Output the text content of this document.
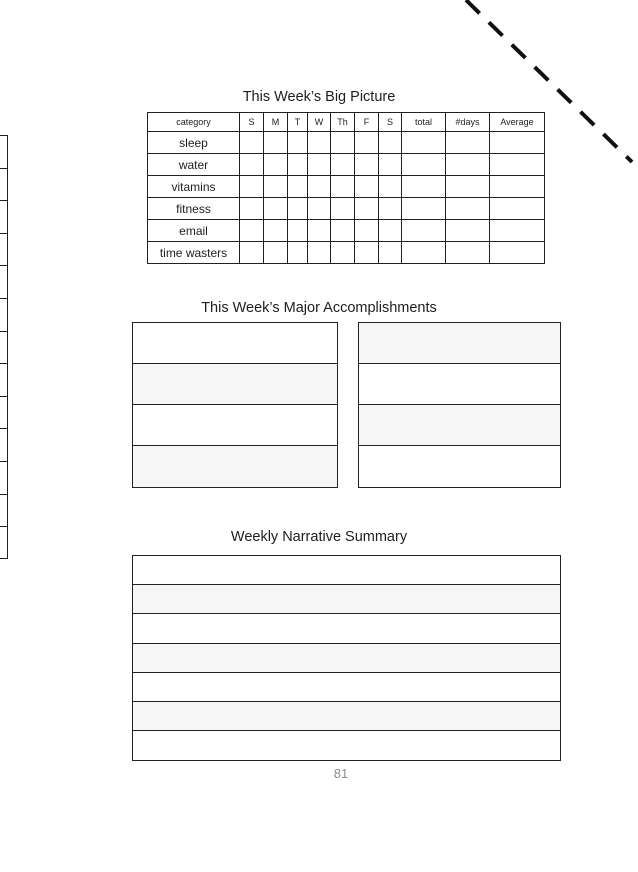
This Week’s Big Picture
category	S	M	T	W	Th	F	S	total	#days	Average
sleep										
water										
vitamins										
fitness										
email										
time wasters										
This Week’s Major Accomplishments
Weekly Narrative Summary
81
